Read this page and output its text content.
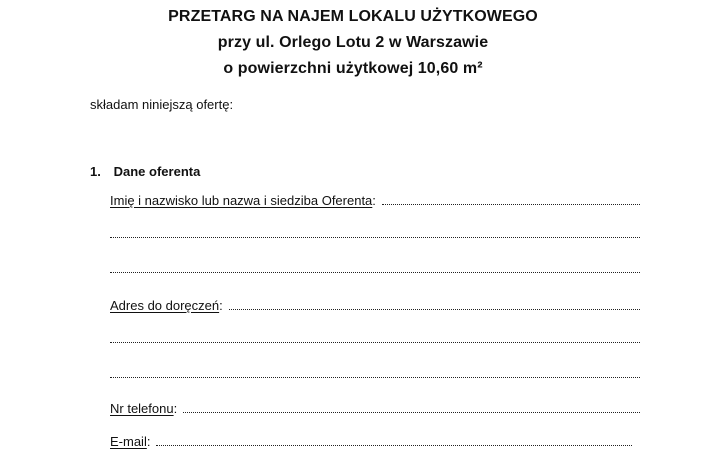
PRZETARG NA NAJEM LOKALU UŻYTKOWEGO
przy ul. Orlego Lotu 2 w Warszawie
o powierzchni użytkowej 10,60 m²
składam niniejszą ofertę:
1. Dane oferenta
Imię i nazwisko lub nazwa i siedziba Oferenta :
Adres do doręczeń :
Nr telefonu :
E-mail :
